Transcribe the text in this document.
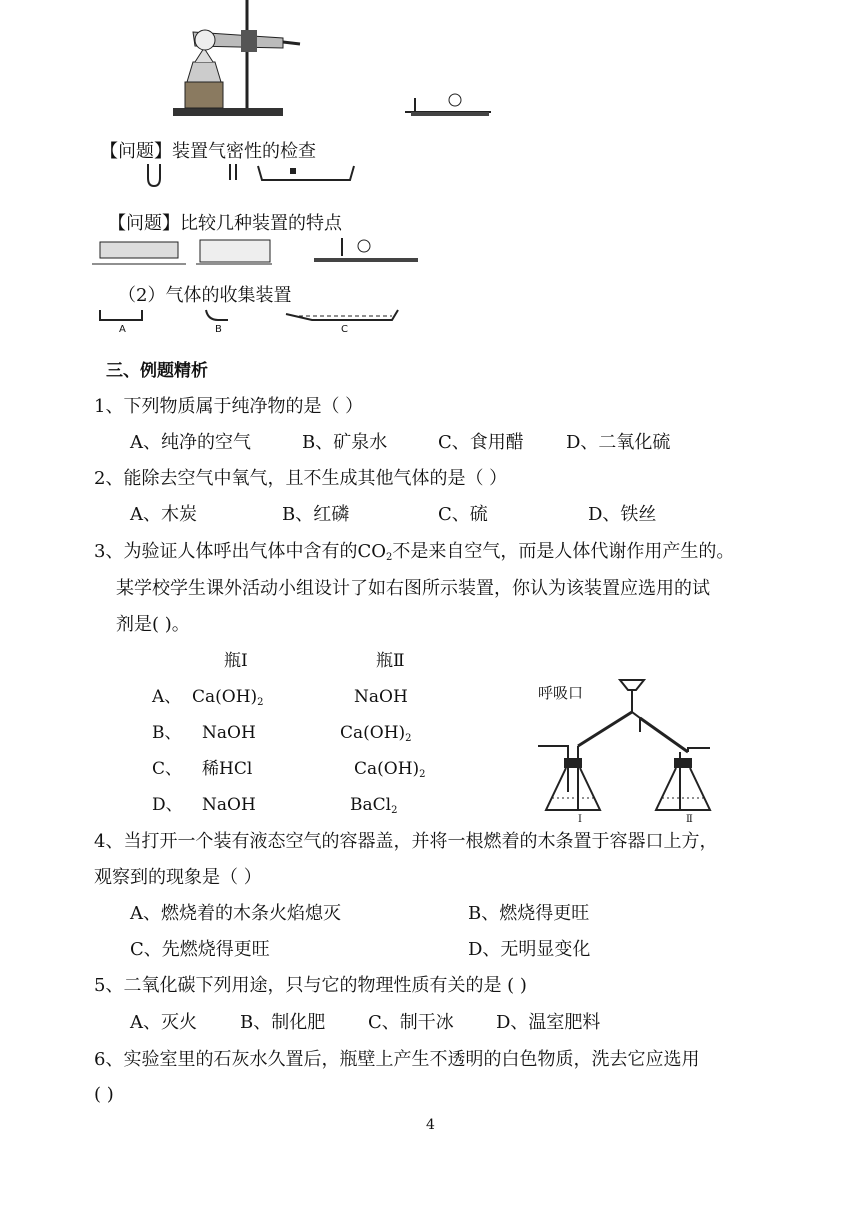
【问题】装置气密性的检查
【问题】比较几种装置的特点
（2）气体的收集装置
A	B	C
三、例题精析
1、下列物质属于纯净物的是（ ）
A、纯净的空气	B、矿泉水	C、食用醋 D、二氧化硫
2、能除去空气中氧气，且不生成其他气体的是（ ）
A、木炭	B、红磷	C、硫	D、铁丝
3、为验证人体呼出气体中含有的$CO_2$不是来自空气，而是人体代谢作用产生的。
某学校学生课外活动小组设计了如右图所示装置，你认为该装置应选用的试
剂是( )。
瓶Ⅰ	瓶Ⅱ
A、 $Ca(OH)_2$	NaOH
B、 NaOH	$Ca(OH)_2$
C、 稀HCl	$Ca(OH)_2$
D、 NaOH	BaCl$_2$
呼吸口
Ⅰ	Ⅱ
4、当打开一个装有液态空气的容器盖，并将一根燃着的木条置于容器口上方，
观察到的现象是（ ）
A、燃烧着的木条火焰熄灭	B、燃烧得更旺
C、先燃烧得更旺	D、无明显变化
5、二氧化碳下列用途，只与它的物理性质有关的是 ( )
A、灭火 B、制化肥 C、制干冰 D、温室肥料
6、实验室里的石灰水久置后，瓶壁上产生不透明的白色物质，洗去它应选用
( )
4
